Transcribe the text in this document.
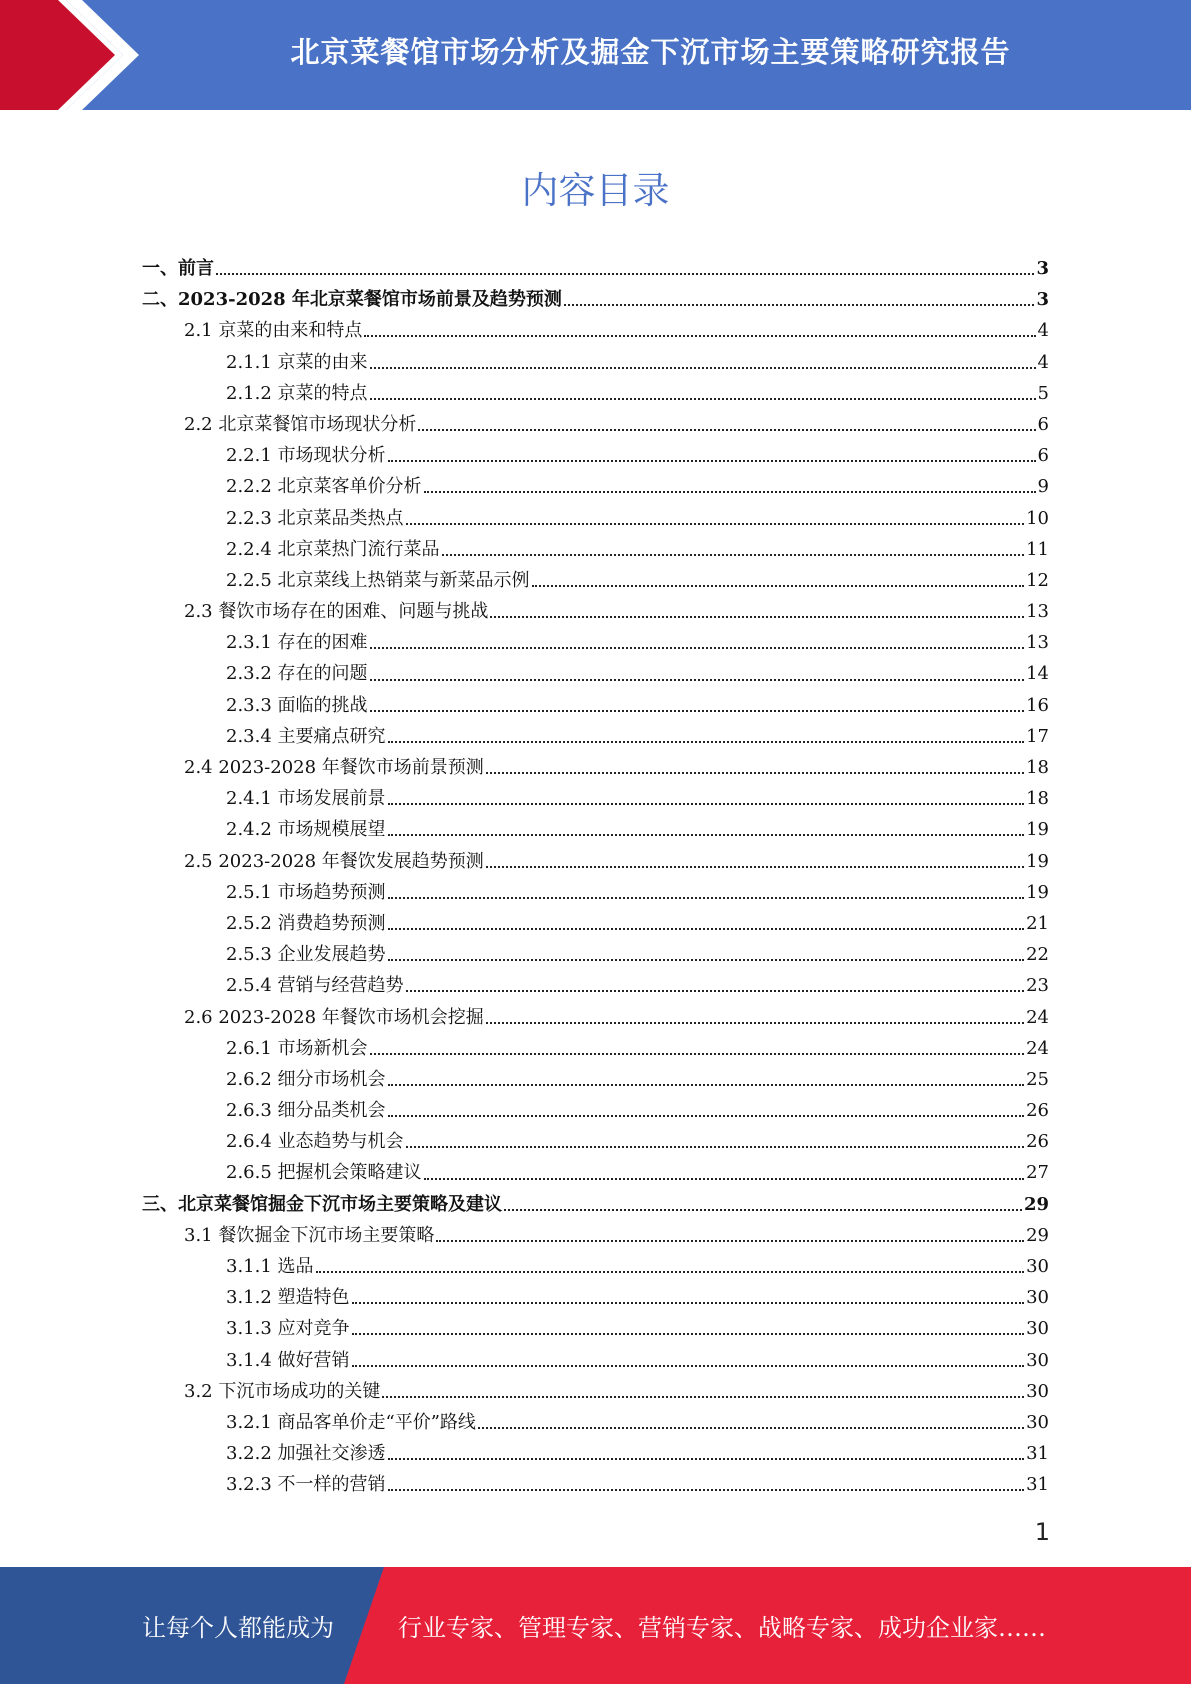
北京菜餐馆市场分析及掘金下沉市场主要策略研究报告
内容目录
一、前言	3
二、2023-2028 年北京菜餐馆市场前景及趋势预测	3
2.1 京菜的由来和特点	4
2.1.1 京菜的由来	4
2.1.2 京菜的特点	5
2.2 北京菜餐馆市场现状分析	6
2.2.1 市场现状分析	6
2.2.2 北京菜客单价分析	9
2.2.3 北京菜品类热点	10
2.2.4 北京菜热门流行菜品	11
2.2.5 北京菜线上热销菜与新菜品示例	12
2.3 餐饮市场存在的困难、问题与挑战	13
2.3.1 存在的困难	13
2.3.2 存在的问题	14
2.3.3 面临的挑战	16
2.3.4 主要痛点研究	17
2.4 2023-2028 年餐饮市场前景预测	18
2.4.1 市场发展前景	18
2.4.2 市场规模展望	19
2.5 2023-2028 年餐饮发展趋势预测	19
2.5.1 市场趋势预测	19
2.5.2 消费趋势预测	21
2.5.3 企业发展趋势	22
2.5.4 营销与经营趋势	23
2.6 2023-2028 年餐饮市场机会挖掘	24
2.6.1 市场新机会	24
2.6.2 细分市场机会	25
2.6.3 细分品类机会	26
2.6.4 业态趋势与机会	26
2.6.5 把握机会策略建议	27
三、北京菜餐馆掘金下沉市场主要策略及建议	29
3.1 餐饮掘金下沉市场主要策略	29
3.1.1 选品	30
3.1.2 塑造特色	30
3.1.3 应对竞争	30
3.1.4 做好营销	30
3.2 下沉市场成功的关键	30
3.2.1 商品客单价走“平价”路线	30
3.2.2 加强社交渗透	31
3.2.3 不一样的营销	31
1
让每个人都能成为	行业专家、管理专家、营销专家、战略专家、成功企业家……
